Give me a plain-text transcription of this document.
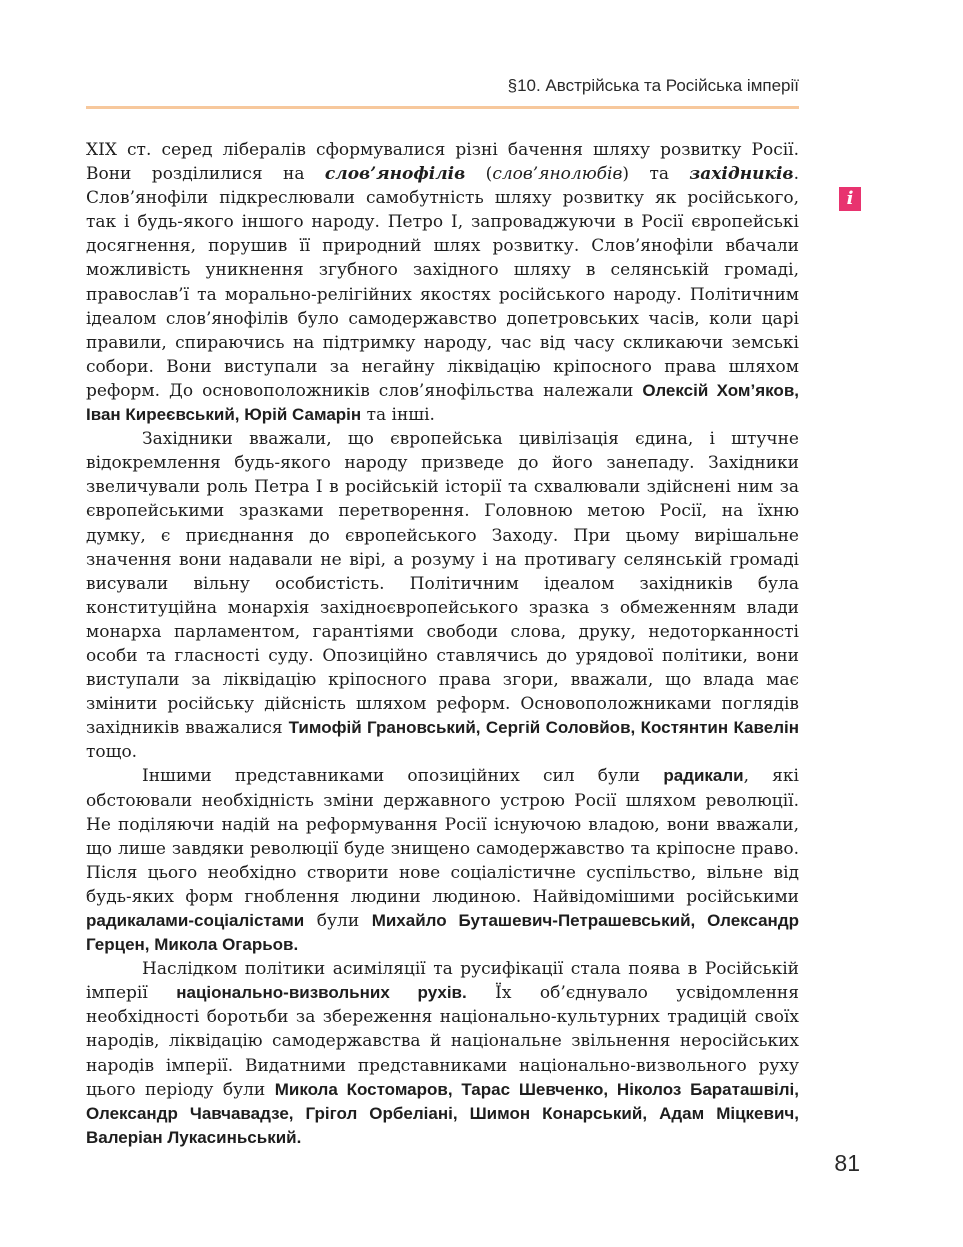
§10. Австрійська та Російська імперії
i

XIX ст. серед лібералів сформувалися різні бачення шляху розвитку Росії. Вони розділилися на слов’янофілів (слов’янолюбів) та західників. Слов’янофіли підкреслювали самобутність шляху розвитку як російського, так і будь-якого іншого народу. Петро I, запроваджуючи в Росії європейські досягнення, порушив її природний шлях розвитку. Слов’янофіли вбачали можливість уникнення згубного західного шляху в селянській громаді, православ’ї та морально-релігійних якостях російського народу. Політичним ідеалом слов’янофілів було самодержавство допетровських часів, коли царі правили, спираючись на підтримку народу, час від часу скликаючи земські собори. Вони виступали за негайну ліквідацію кріпосного права шляхом реформ. До основоположників слов’янофільства належали Олексій Хом’яков, Іван Киреєвський, Юрій Самарін та інші.

Західники вважали, що європейська цивілізація єдина, і штучне відокремлення будь-якого народу призведе до його занепаду. Західники звеличували роль Петра I в російській історії та схвалювали здійснені ним за європейськими зразками перетворення. Головною метою Росії, на їхню думку, є приєднання до європейського Заходу. При цьому вирішальне значення вони надавали не вірі, а розуму і на противагу селянській громаді висували вільну особистість. Політичним ідеалом західників була конституційна монархія західноєвропейського зразка з обмеженням влади монарха парламентом, гарантіями свободи слова, друку, недоторканності особи та гласності суду. Опозиційно ставлячись до урядової політики, вони виступали за ліквідацію кріпосного права згори, вважали, що влада має змінити російську дійсність шляхом реформ. Основоположниками поглядів західників вважалися Тимофій Грановський, Сергій Соловйов, Костянтин Кавелін тощо.

Іншими представниками опозиційних сил були радикали, які обстоювали необхідність зміни державного устрою Росії шляхом революції. Не поділяючи надій на реформування Росії існуючою владою, вони вважали, що лише завдяки революції буде знищено самодержавство та кріпосне право. Після цього необхідно створити нове соціалістичне суспільство, вільне від будь-яких форм гноблення людини людиною. Найвідомішими російськими радикалами-соціалістами були Михайло Буташевич-Петрашевський, Олександр Герцен, Микола Огарьов.

Наслідком політики асиміляції та русифікації стала поява в Російській імперії національно-визвольних рухів. Їх об’єднувало усвідомлення необхідності боротьби за збереження національно-культурних традицій своїх народів, ліквідацію самодержавства й національне звільнення неросійських народів імперії. Видатними представниками національно-визвольного руху цього періоду були Микола Костомаров, Тарас Шевченко, Ніколоз Бараташвілі, Олександр Чавчавадзе, Грігол Орбеліані, Шимон Конарський, Адам Міцкевич, Валеріан Лукасиньський.

81
